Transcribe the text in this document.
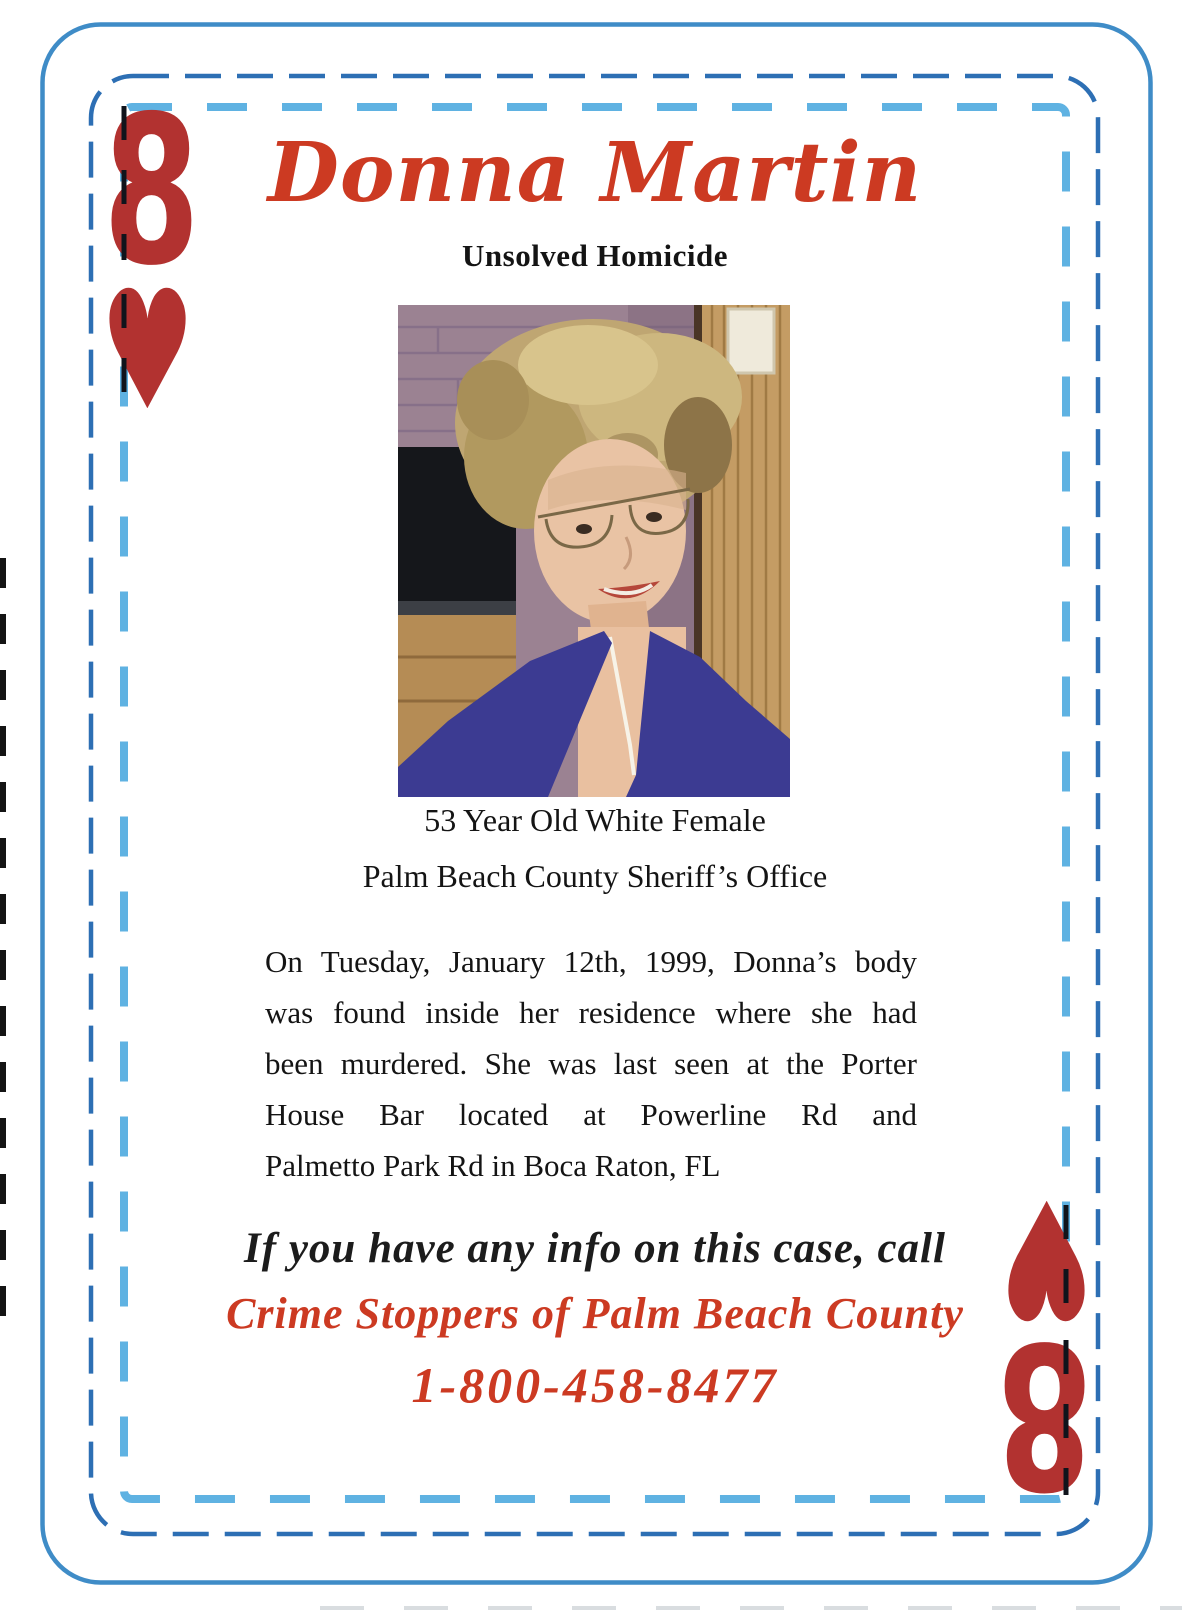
8
♥
♥
8
Donna Martin
Unsolved Homicide
53 Year Old White Female
Palm Beach County Sheriff’s Office
On Tuesday, January 12th, 1999, Donna’s body
was found inside her residence where she had
been murdered. She was last seen at the Porter
House Bar located at Powerline Rd and
Palmetto Park Rd in Boca Raton, FL
If you have any info on this case, call
Crime Stoppers of Palm Beach County
1-800-458-8477
